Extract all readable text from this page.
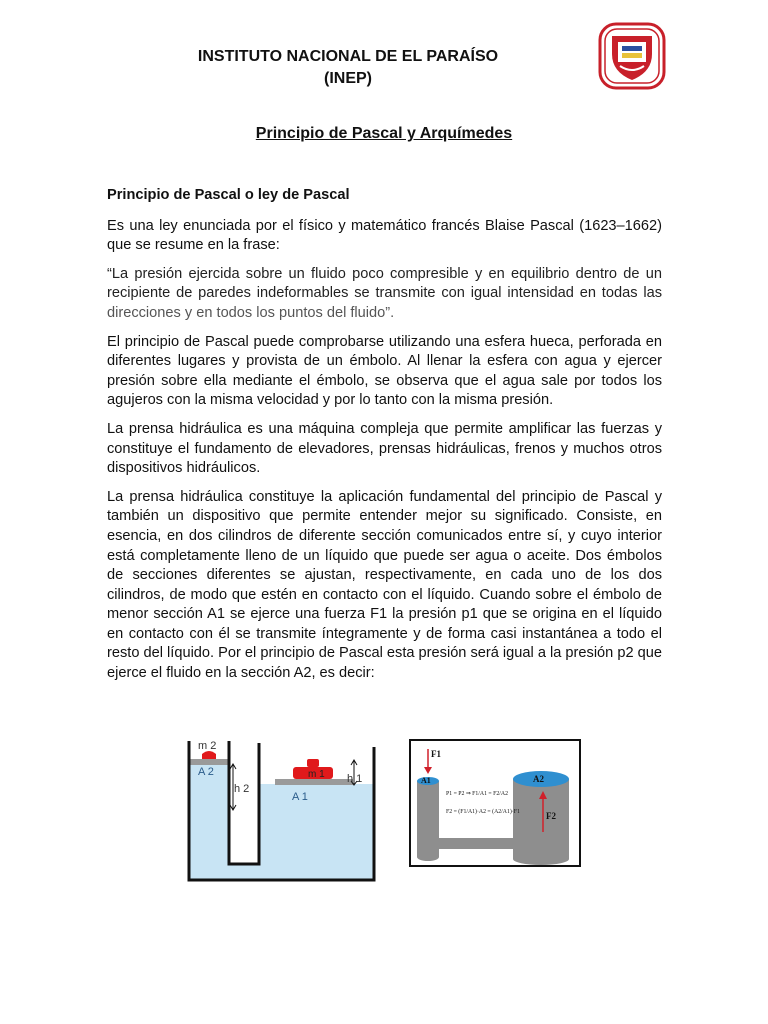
INSTITUTO NACIONAL DE EL PARAÍSO
(INEP)
Principio de Pascal y Arquímedes
Principio de Pascal o ley de Pascal

Es una ley enunciada por el físico y matemático francés Blaise Pascal (1623–1662) que se resume en la frase:

“La presión ejercida sobre un fluido poco compresible y en equilibrio dentro de un recipiente de paredes indeformables se transmite con igual intensidad en todas las direcciones y en todos los puntos del fluido”.

El principio de Pascal puede comprobarse utilizando una esfera hueca, perforada en diferentes lugares y provista de un émbolo. Al llenar la esfera con agua y ejercer presión sobre ella mediante el émbolo, se observa que el agua sale por todos los agujeros con la misma velocidad y por lo tanto con la misma presión.

La prensa hidráulica es una máquina compleja que permite amplificar las fuerzas y constituye el fundamento de elevadores, prensas hidráulicas, frenos y muchos otros dispositivos hidráulicos.

La prensa hidráulica constituye la aplicación fundamental del principio de Pascal y también un dispositivo que permite entender mejor su significado. Consiste, en esencia, en dos cilindros de diferente sección comunicados entre sí, y cuyo interior está completamente lleno de un líquido que puede ser agua o aceite. Dos émbolos de secciones diferentes se ajustan, respectivamente, en cada uno de los dos cilindros, de modo que estén en contacto con el líquido. Cuando sobre el émbolo de menor sección A1 se ejerce una fuerza F1 la presión p1 que se origina en el líquido en contacto con él se transmite íntegramente y de forma casi instantánea a todo el resto del líquido. Por el principio de Pascal esta presión será igual a la presión p2 que ejerce el fluido en la sección A2, es decir:

m 2
A 2
h 2
m 1 h 1
A 1
F1
A1	A2
F2
P1 = P2 ⇒ F1/A1 = F2/A2
F2 = (F1/A1)·A2 = (A2/A1)·F1
